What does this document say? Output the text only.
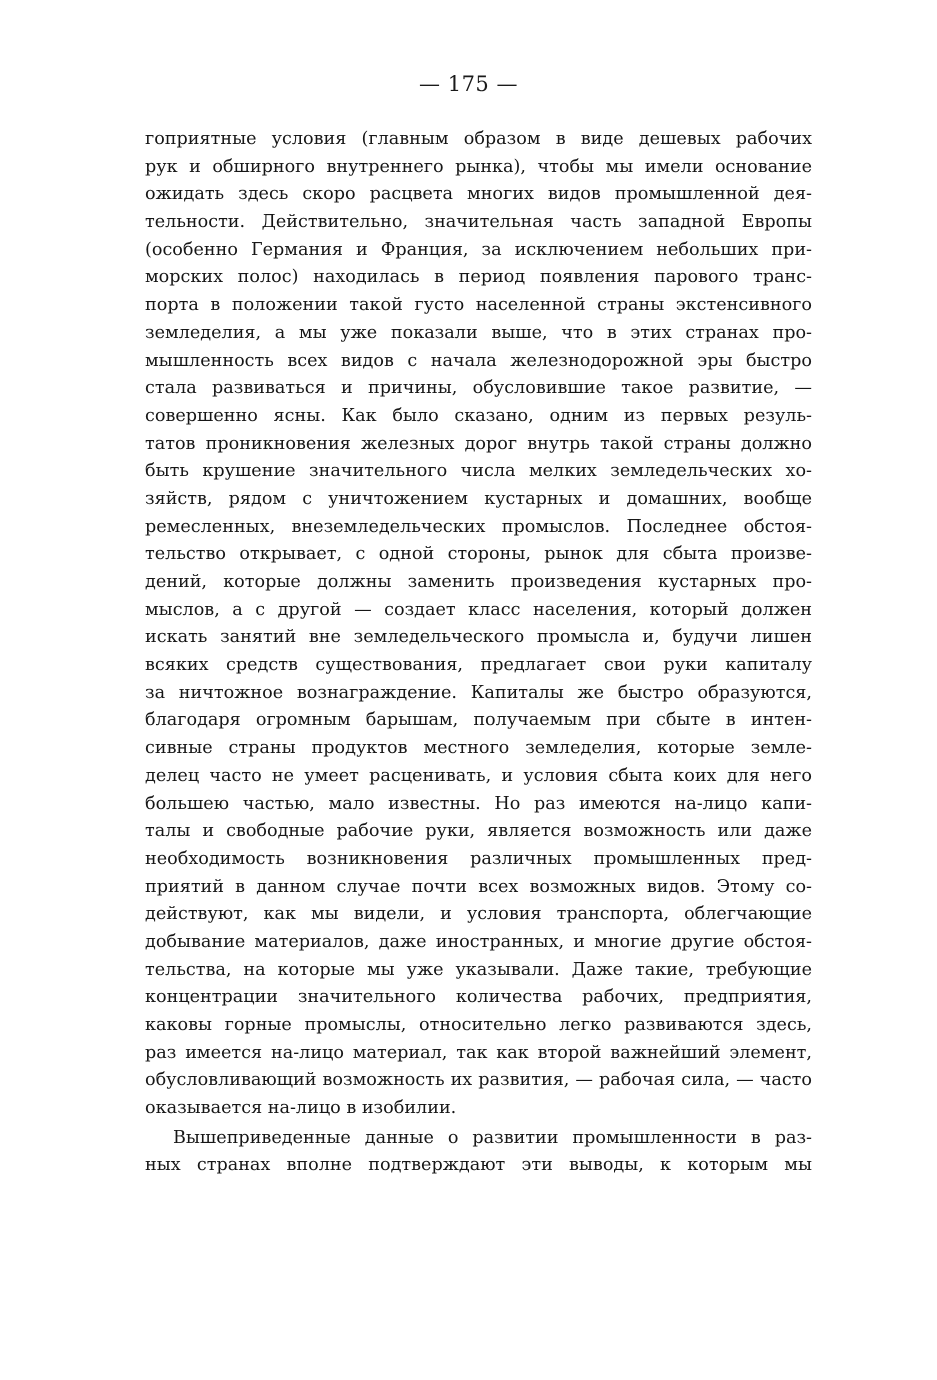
— 175 —
гоприятные условия (главным образом в виде дешевых рабочих
рук и обширного внутреннего рынка), чтобы мы имели основание
ожидать здесь скоро расцвета многих видов промышленной дея-
тельности. Действительно, значительная часть западной Европы
(особенно Германия и Франция, за исключением небольших при-
морских полос) находилась в период появления парового транс-
порта в положении такой густо населенной страны экстенсивного
земледелия, а мы уже показали выше, что в этих странах про-
мышленность всех видов с начала железнодорожной эры быстро
стала развиваться и причины, обусловившие такое развитие, —
совершенно ясны. Как было сказано, одним из первых резуль-
татов проникновения железных дорог внутрь такой страны должно
быть крушение значительного числа мелких земледельческих хо-
зяйств, рядом с уничтожением кустарных и домашних, вообще
ремесленных, внеземледельческих промыслов. Последнее обстоя-
тельство открывает, с одной стороны, рынок для сбыта произве-
дений, которые должны заменить произведения кустарных про-
мыслов, а с другой — создает класс населения, который должен
искать занятий вне земледельческого промысла и, будучи лишен
всяких средств существования, предлагает свои руки капиталу
за ничтожное вознаграждение. Капиталы же быстро образуются,
благодаря огромным барышам, получаемым при сбыте в интен-
сивные страны продуктов местного земледелия, которые земле-
делец часто не умеет расценивать, и условия сбыта коих для него
большею частью, мало известны. Но раз имеются на-лицо капи-
талы и свободные рабочие руки, является возможность или даже
необходимость возникновения различных промышленных пред-
приятий в данном случае почти всех возможных видов. Этому со-
действуют, как мы видели, и условия транспорта, облегчающие
добывание материалов, даже иностранных, и многие другие обстоя-
тельства, на которые мы уже указывали. Даже такие, требующие
концентрации значительного количества рабочих, предприятия,
каковы горные промыслы, относительно легко развиваются здесь,
раз имеется на-лицо материал, так как второй важнейший элемент,
обусловливающий возможность их развития, — рабочая сила, — часто
оказывается на-лицо в изобилии.
Вышеприведенные данные о развитии промышленности в раз-
ных странах вполне подтверждают эти выводы, к которым мы
